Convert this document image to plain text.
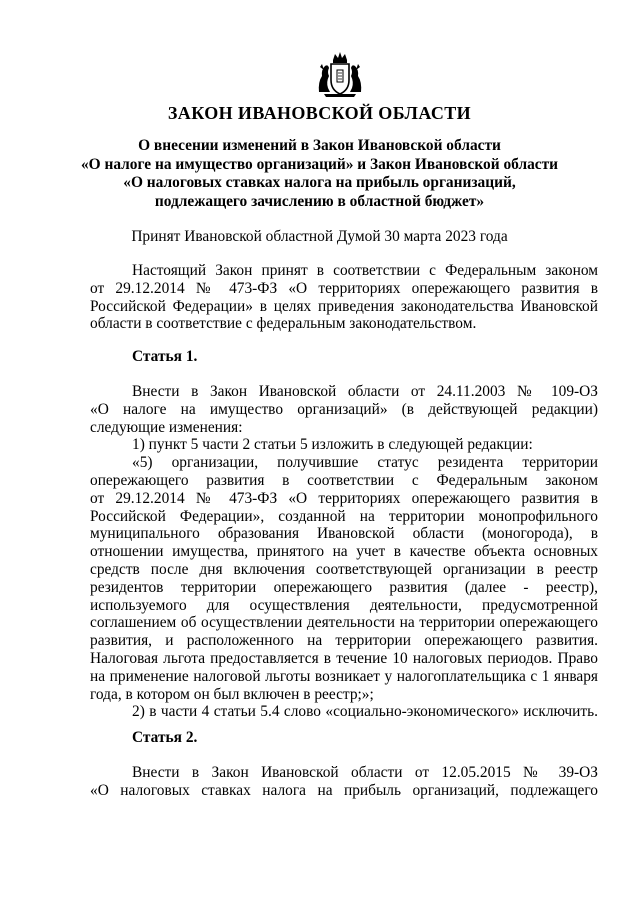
ЗАКОН ИВАНОВСКОЙ ОБЛАСТИ
О внесении изменений в Закон Ивановской области
«О налоге на имущество организаций» и Закон Ивановской области
«О налоговых ставках налога на прибыль организаций,
подлежащего зачислению в областной бюджет»
Принят Ивановской областной Думой 30 марта 2023 года
Настоящий Закон принят в соответствии с Федеральным законом
от 29.12.2014 № 473-ФЗ «О территориях опережающего развития в
Российской Федерации» в целях приведения законодательства Ивановской
области в соответствие с федеральным законодательством.
Статья 1.
Внести в Закон Ивановской области от 24.11.2003 № 109-ОЗ
«О налоге на имущество организаций» (в действующей редакции)
следующие изменения:
1) пункт 5 части 2 статьи 5 изложить в следующей редакции:
«5) организации, получившие статус резидента территории
опережающего развития в соответствии с Федеральным законом
от 29.12.2014 № 473-ФЗ «О территориях опережающего развития в
Российской Федерации», созданной на территории монопрофильного
муниципального образования Ивановской области (моногорода), в
отношении имущества, принятого на учет в качестве объекта основных
средств после дня включения соответствующей организации в реестр
резидентов территории опережающего развития (далее - реестр),
используемого для осуществления деятельности, предусмотренной
соглашением об осуществлении деятельности на территории опережающего
развития, и расположенного на территории опережающего развития.
Налоговая льгота предоставляется в течение 10 налоговых периодов. Право
на применение налоговой льготы возникает у налогоплательщика с 1 января
года, в котором он был включен в реестр;»;
2) в части 4 статьи 5.4 слово «социально-экономического» исключить.
Статья 2.
Внести в Закон Ивановской области от 12.05.2015 № 39-ОЗ
«О налоговых ставках налога на прибыль организаций, подлежащего
